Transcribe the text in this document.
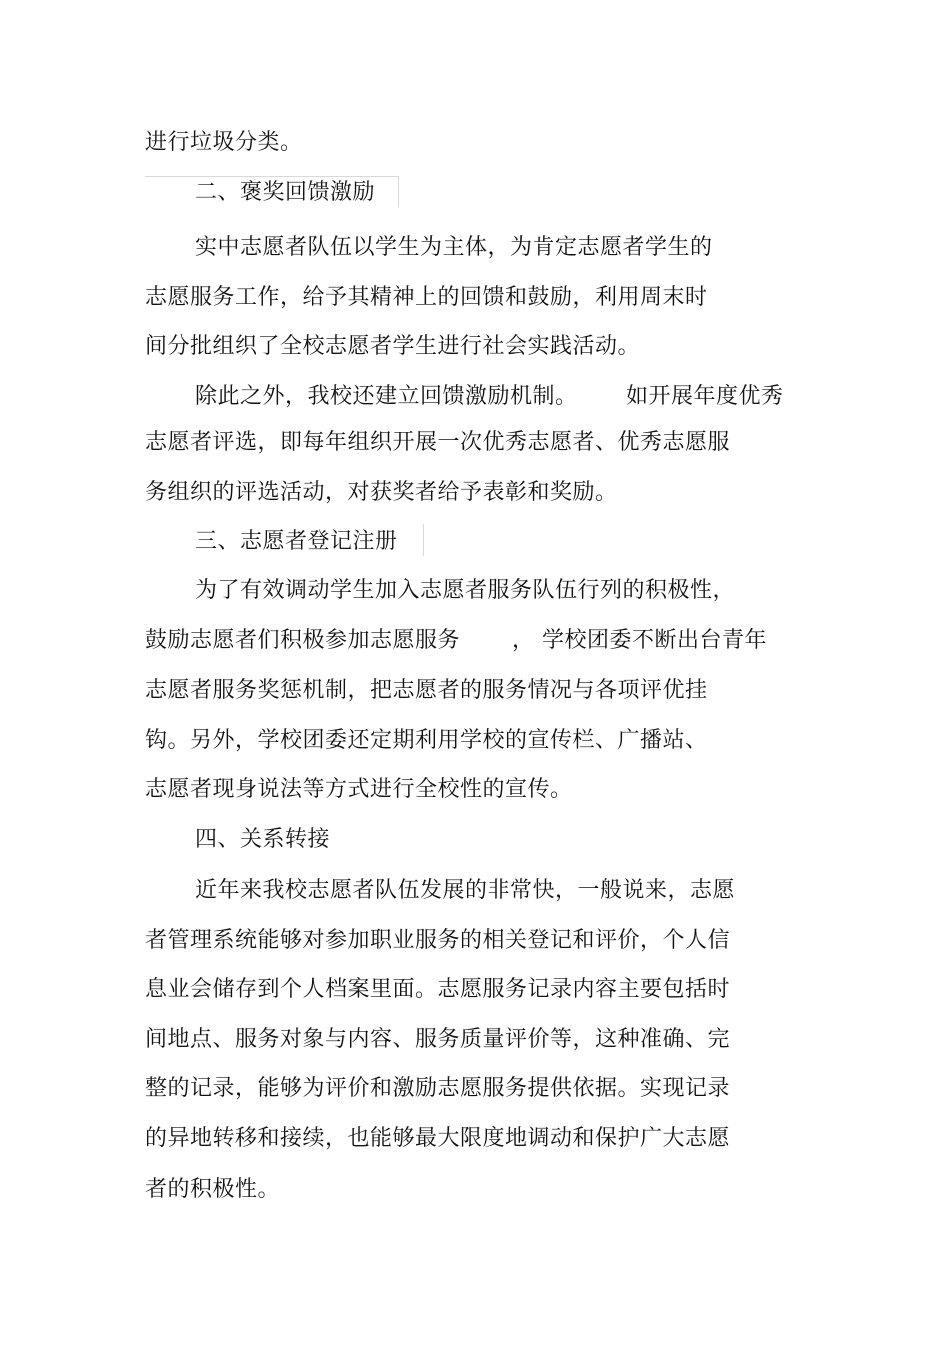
进行垃圾分类。
二、褒奖回馈激励
实中志愿者队伍以学生为主体，为肯定志愿者学生的
志愿服务工作，给予其精神上的回馈和鼓励，利用周末时
间分批组织了全校志愿者学生进行社会实践活动。
除此之外，我校还建立回馈激励机制。 如开展年度优秀
志愿者评选，即每年组织开展一次优秀志愿者、优秀志愿服
务组织的评选活动，对获奖者给予表彰和奖励。
三、志愿者登记注册
为了有效调动学生加入志愿者服务队伍行列的积极性，
鼓励志愿者们积极参加志愿服务 ， 学校团委不断出台青年
志愿者服务奖惩机制，把志愿者的服务情况与各项评优挂
钩。另外，学校团委还定期利用学校的宣传栏、广播站、
志愿者现身说法等方式进行全校性的宣传。
四、关系转接
近年来我校志愿者队伍发展的非常快，一般说来，志愿
者管理系统能够对参加职业服务的相关登记和评价，个人信
息业会储存到个人档案里面。志愿服务记录内容主要包括时
间地点、服务对象与内容、服务质量评价等，这种准确、完
整的记录，能够为评价和激励志愿服务提供依据。实现记录
的异地转移和接续，也能够最大限度地调动和保护广大志愿
者的积极性。
